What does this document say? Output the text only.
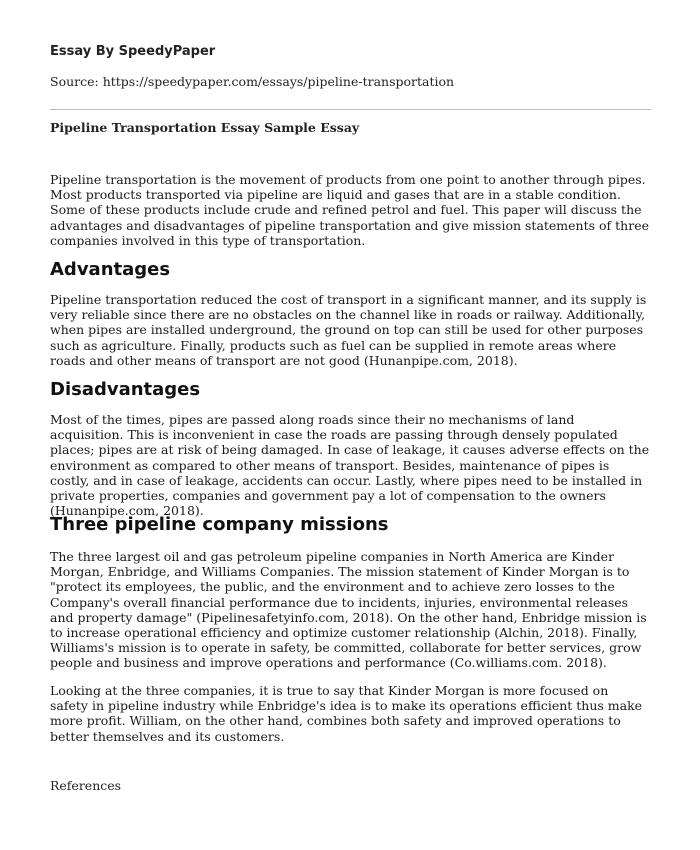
Essay By SpeedyPaper
Source: https://speedypaper.com/essays/pipeline-transportation
Pipeline Transportation Essay Sample Essay

Pipeline transportation is the movement of products from one point to another through pipes. Most products transported via pipeline are liquid and gases that are in a stable condition. Some of these products include crude and refined petrol and fuel. This paper will discuss the advantages and disadvantages of pipeline transportation and give mission statements of three companies involved in this type of transportation.

Advantages

Pipeline transportation reduced the cost of transport in a significant manner, and its supply is very reliable since there are no obstacles on the channel like in roads or railway. Additionally, when pipes are installed underground, the ground on top can still be used for other purposes such as agriculture. Finally, products such as fuel can be supplied in remote areas where roads and other means of transport are not good (Hunanpipe.com, 2018).

Disadvantages

Most of the times, pipes are passed along roads since their no mechanisms of land acquisition. This is inconvenient in case the roads are passing through densely populated places; pipes are at risk of being damaged. In case of leakage, it causes adverse effects on the environment as compared to other means of transport. Besides, maintenance of pipes is costly, and in case of leakage, accidents can occur. Lastly, where pipes need to be installed in private properties, companies and government pay a lot of compensation to the owners (Hunanpipe.com, 2018).

Three pipeline company missions

The three largest oil and gas petroleum pipeline companies in North America are Kinder Morgan, Enbridge, and Williams Companies. The mission statement of Kinder Morgan is to "protect its employees, the public, and the environment and to achieve zero losses to the Company's overall financial performance due to incidents, injuries, environmental releases and property damage" (Pipelinesafetyinfo.com, 2018). On the other hand, Enbridge mission is to increase operational efficiency and optimize customer relationship (Alchin, 2018). Finally, Williams's mission is to operate in safety, be committed, collaborate for better services, grow people and business and improve operations and performance (Co.williams.com. 2018).

Looking at the three companies, it is true to say that Kinder Morgan is more focused on safety in pipeline industry while Enbridge's idea is to make its operations efficient thus make more profit. William, on the other hand, combines both safety and improved operations to better themselves and its customers.

References
